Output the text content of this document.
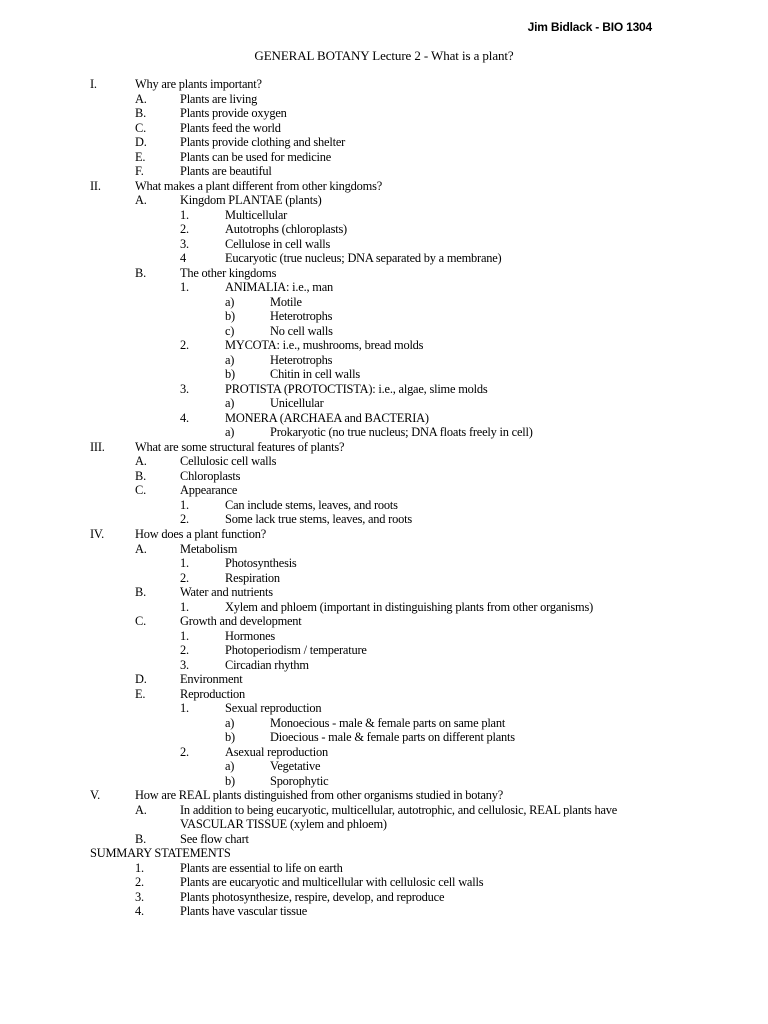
Jim Bidlack - BIO 1304
GENERAL BOTANY Lecture 2 - What is a plant?
I.	Why are plants important?
A.	Plants are living
B.	Plants provide oxygen
C.	Plants feed the world
D.	Plants provide clothing and shelter
E.	Plants can be used for medicine
F.	Plants are beautiful
II.	What makes a plant different from other kingdoms?
A.	Kingdom PLANTAE (plants)
1.	Multicellular
2.	Autotrophs (chloroplasts)
3.	Cellulose in cell walls
4	Eucaryotic (true nucleus; DNA separated by a membrane)
B.	The other kingdoms
1.	ANIMALIA: i.e., man
a)	Motile
b)	Heterotrophs
c)	No cell walls
2.	MYCOTA: i.e., mushrooms, bread molds
a)	Heterotrophs
b)	Chitin in cell walls
3.	PROTISTA (PROTOCTISTA): i.e., algae, slime molds
a)	Unicellular
4.	MONERA (ARCHAEA and BACTERIA)
a)	Prokaryotic (no true nucleus; DNA floats freely in cell)
III. What are some structural features of plants?
A.	Cellulosic cell walls
B.	Chloroplasts
C.	Appearance
1.	Can include stems, leaves, and roots
2.	Some lack true stems, leaves, and roots
IV.	How does a plant function?
A.	Metabolism
1.	Photosynthesis
2.	Respiration
B.	Water and nutrients
1.	Xylem and phloem (important in distinguishing plants from other organisms)
C.	Growth and development
1.	Hormones
2.	Photoperiodism / temperature
3.	Circadian rhythm
D.	Environment
E.	Reproduction
1.	Sexual reproduction
a)	Monoecious - male & female parts on same plant
b)	Dioecious - male & female parts on different plants
2.	Asexual reproduction
a)	Vegetative
b)	Sporophytic
V.	How are REAL plants distinguished from other organisms studied in botany?
A.	In addition to being eucaryotic, multicellular, autotrophic, and cellulosic, REAL plants have VASCULAR TISSUE (xylem and phloem)
B.	See flow chart
SUMMARY STATEMENTS
1.	Plants are essential to life on earth
2.	Plants are eucaryotic and multicellular with cellulosic cell walls
3.	Plants photosynthesize, respire, develop, and reproduce
4.	Plants have vascular tissue
